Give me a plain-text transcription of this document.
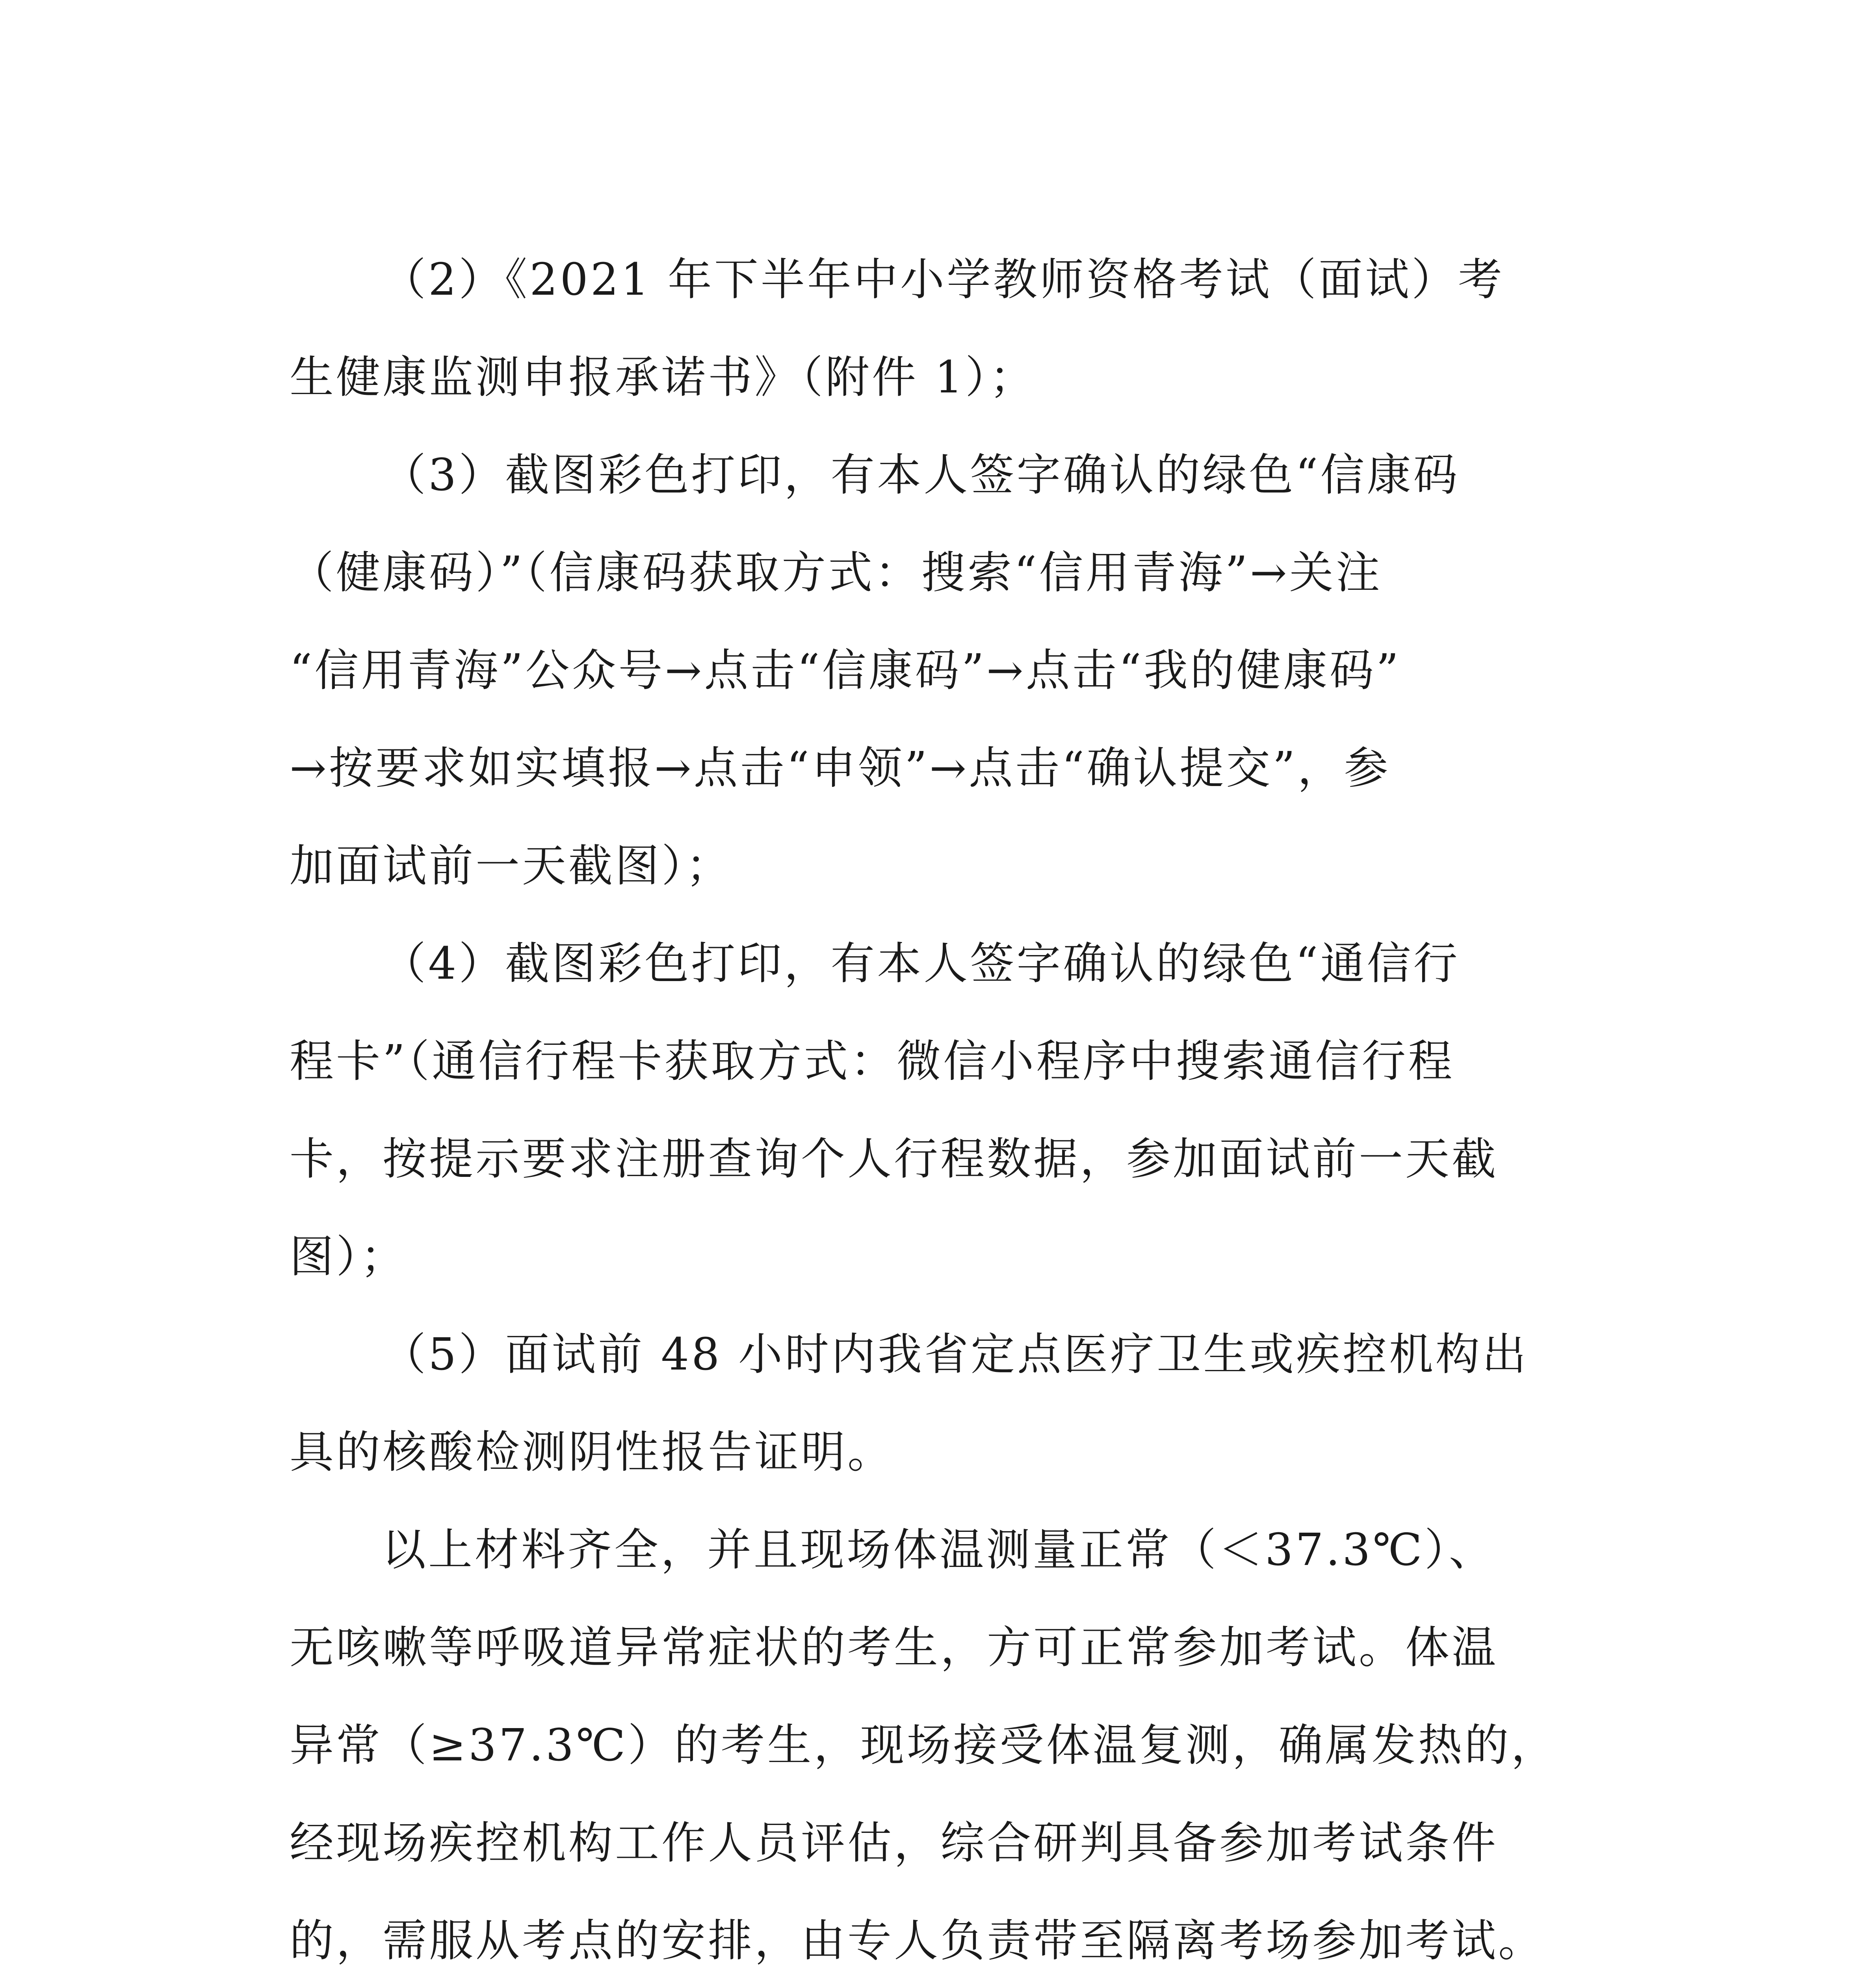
（2）《2021 年下半年中小学教师资格考试（面试）考
生健康监测申报承诺书》（附件 1）；
（3）截图彩色打印，有本人签字确认的绿色“信康码
（健康码）”（信康码获取方式：搜索“信用青海”→关注
“信用青海”公众号→点击“信康码”→点击“我的健康码”
→按要求如实填报→点击“申领”→点击“确认提交”，参
加面试前一天截图）；
（4）截图彩色打印，有本人签字确认的绿色“通信行
程卡”（通信行程卡获取方式：微信小程序中搜索通信行程
卡，按提示要求注册查询个人行程数据，参加面试前一天截
图）；
（5）面试前 48 小时内我省定点医疗卫生或疾控机构出
具的核酸检测阴性报告证明。
以上材料齐全，并且现场体温测量正常（＜37.3℃）、
无咳嗽等呼吸道异常症状的考生，方可正常参加考试。体温
异常（≥37.3℃）的考生，现场接受体温复测，确属发热的，
经现场疾控机构工作人员评估，综合研判具备参加考试条件
的，需服从考点的安排，由专人负责带至隔离考场参加考试。
